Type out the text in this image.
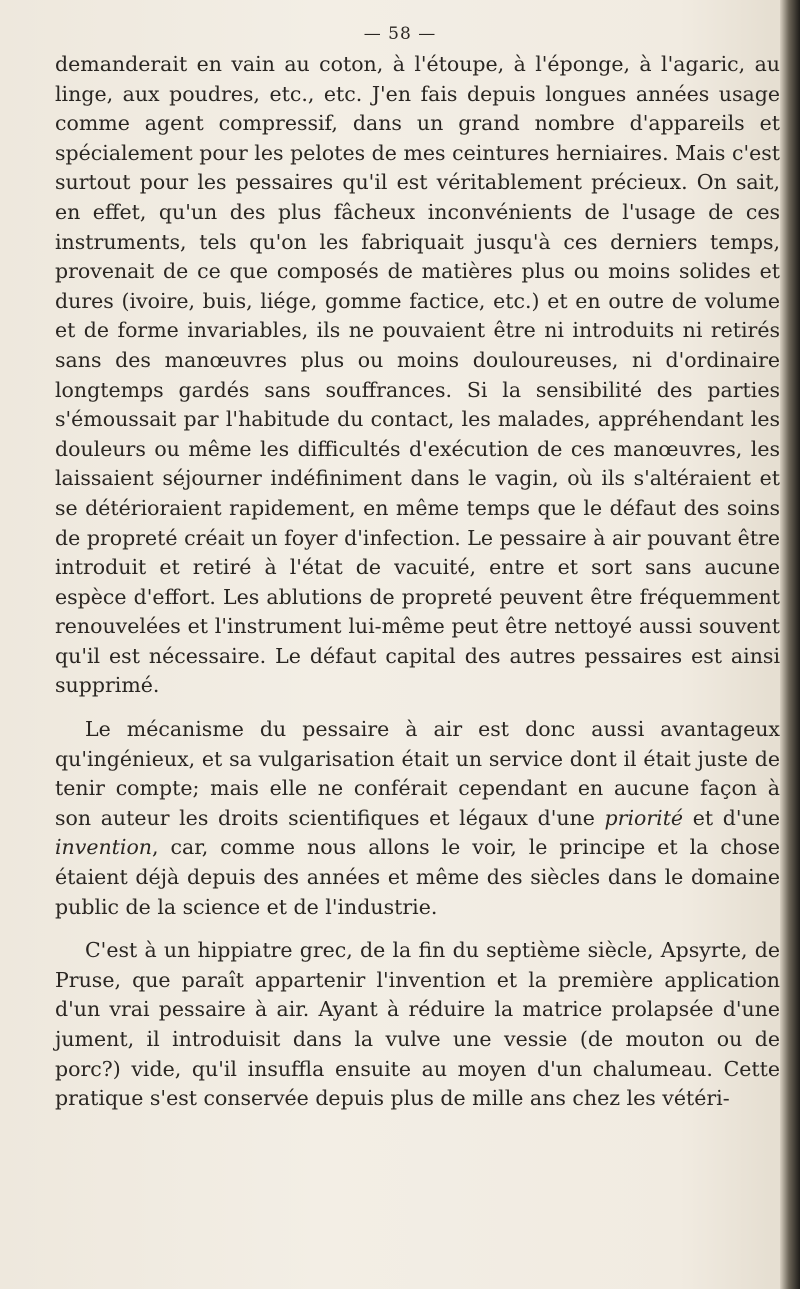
— 58 —

demanderait en vain au coton, à l'étoupe, à l'éponge, à l'agaric, au linge, aux poudres, etc., etc. J'en fais depuis longues années usage comme agent compressif, dans un grand nombre d'appareils et spécialement pour les pelotes de mes ceintures herniaires. Mais c'est surtout pour les pessaires qu'il est véritablement précieux. On sait, en effet, qu'un des plus fâcheux inconvénients de l'usage de ces instruments, tels qu'on les fabriquait jusqu'à ces derniers temps, provenait de ce que composés de matières plus ou moins solides et dures (ivoire, buis, liége, gomme factice, etc.) et en outre de volume et de forme invariables, ils ne pouvaient être ni introduits ni retirés sans des manœuvres plus ou moins douloureuses, ni d'ordinaire longtemps gardés sans souffrances. Si la sensibilité des parties s'émoussait par l'habitude du contact, les malades, appréhendant les douleurs ou même les difficultés d'exécution de ces manœuvres, les laissaient séjourner indéfiniment dans le vagin, où ils s'altéraient et se détérioraient rapidement, en même temps que le défaut des soins de propreté créait un foyer d'infection. Le pessaire à air pouvant être introduit et retiré à l'état de vacuité, entre et sort sans aucune espèce d'effort. Les ablutions de propreté peuvent être fréquemment renouvelées et l'instrument lui-même peut être nettoyé aussi souvent qu'il est nécessaire. Le défaut capital des autres pessaires est ainsi supprimé.

Le mécanisme du pessaire à air est donc aussi avantageux qu'ingénieux, et sa vulgarisation était un service dont il était juste de tenir compte; mais elle ne conférait cependant en aucune façon à son auteur les droits scientifiques et légaux d'une priorité et d'une invention, car, comme nous allons le voir, le principe et la chose étaient déjà depuis des années et même des siècles dans le domaine public de la science et de l'industrie.

C'est à un hippiatre grec, de la fin du septième siècle, Apsyrte, de Pruse, que paraît appartenir l'invention et la première application d'un vrai pessaire à air. Ayant à réduire la matrice prolapsée d'une jument, il introduisit dans la vulve une vessie (de mouton ou de porc?) vide, qu'il insuffla ensuite au moyen d'un chalumeau. Cette pratique s'est conservée depuis plus de mille ans chez les vétéri-
